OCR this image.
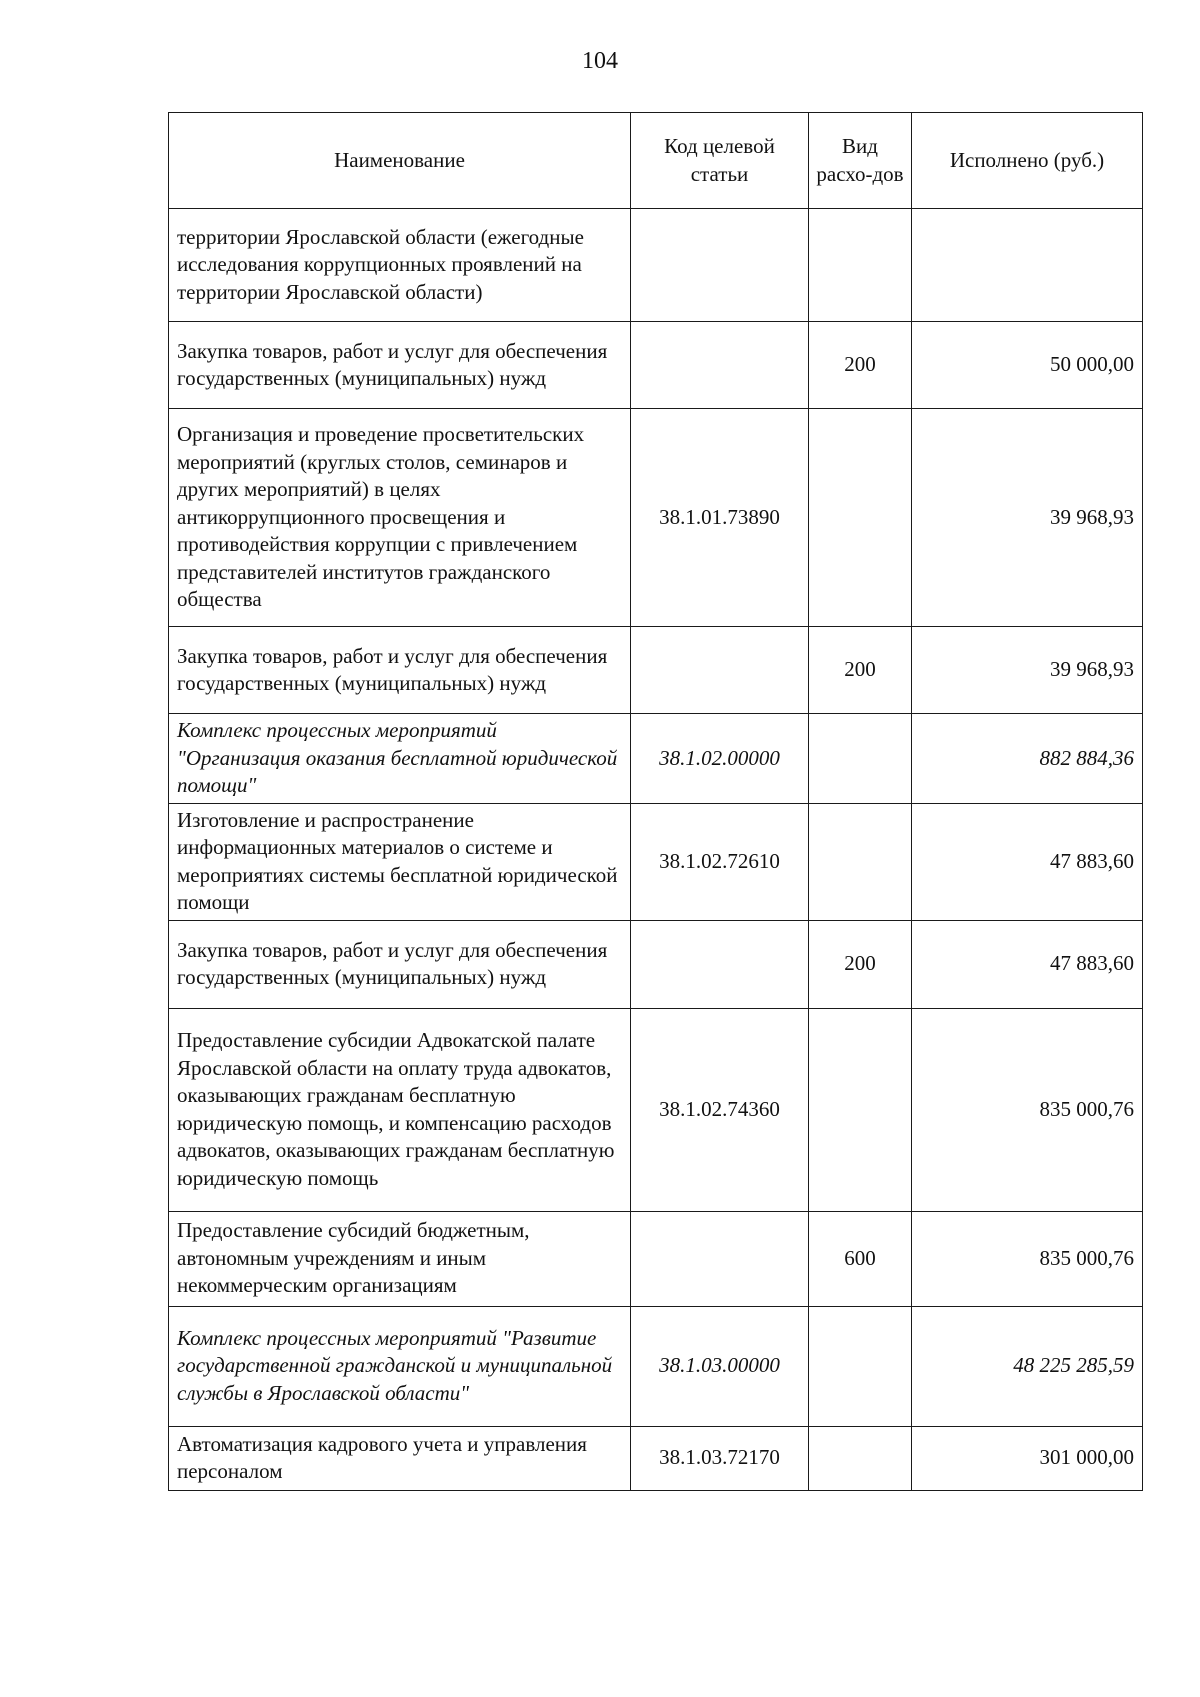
104
Наименование	Код целевой статьи	Вид расхо-дов	Исполнено (руб.)
территории Ярославской области (ежегодные исследования коррупционных проявлений на территории Ярославской области)			
Закупка товаров, работ и услуг для обеспечения государственных (муниципальных) нужд		200	50 000,00
Организация и проведение просветительских мероприятий (круглых столов, семинаров и других мероприятий) в целях антикоррупционного просвещения и противодействия коррупции с привлечением представителей институтов гражданского общества	38.1.01.73890		39 968,93
Закупка товаров, работ и услуг для обеспечения государственных (муниципальных) нужд		200	39 968,93
Комплекс процессных мероприятий "Организация оказания бесплатной юридической помощи"	38.1.02.00000		882 884,36
Изготовление и распространение информационных материалов о системе и мероприятиях системы бесплатной юридической помощи	38.1.02.72610		47 883,60
Закупка товаров, работ и услуг для обеспечения государственных (муниципальных) нужд		200	47 883,60
Предоставление субсидии Адвокатской палате Ярославской области на оплату труда адвокатов, оказывающих гражданам бесплатную юридическую помощь, и компенсацию расходов адвокатов, оказывающих гражданам бесплатную юридическую помощь	38.1.02.74360		835 000,76
Предоставление субсидий бюджетным, автономным учреждениям и иным некоммерческим организациям		600	835 000,76
Комплекс процессных мероприятий "Развитие государственной гражданской и муниципальной службы в Ярославской области"	38.1.03.00000		48 225 285,59
Автоматизация кадрового учета и управления персоналом	38.1.03.72170		301 000,00
